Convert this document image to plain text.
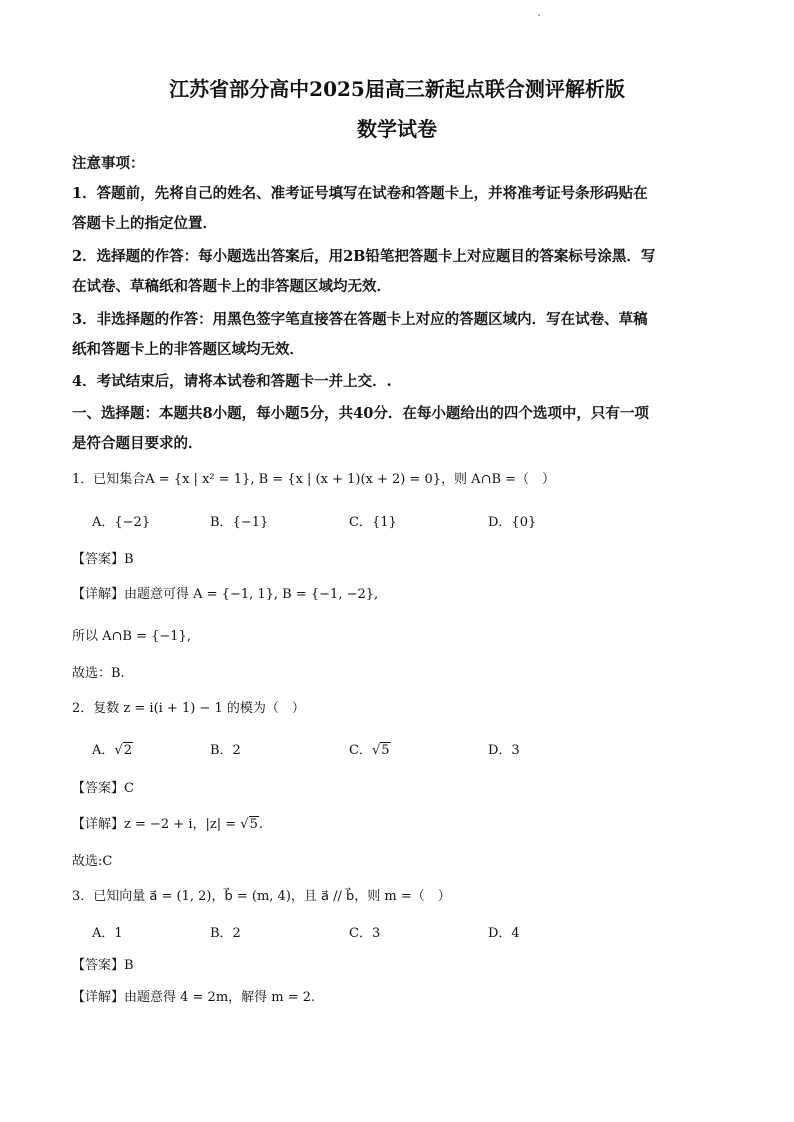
江苏省部分高中2025届高三新起点联合测评解析版
数学试卷
注意事项：
1．答题前，先将自己的姓名、准考证号填写在试卷和答题卡上，并将准考证号条形码贴在
答题卡上的指定位置．
2．选择题的作答：每小题选出答案后，用2B铅笔把答题卡上对应题目的答案标号涂黑．写
在试卷、草稿纸和答题卡上的非答题区域均无效．
3．非选择题的作答：用黑色签字笔直接答在答题卡上对应的答题区域内．写在试卷、草稿
纸和答题卡上的非答题区域均无效．
4．考试结束后，请将本试卷和答题卡一并上交．.
一、选择题：本题共8小题，每小题5分，共40分．在每小题给出的四个选项中，只有一项
是符合题目要求的．
1．已知集合A = {x | x² = 1}, B = {x | (x + 1)(x + 2) = 0}，则 A∩B =（　）
A．{−2}	B．{−1}	C．{1}	D．{0}
【答案】B
【详解】由题意可得 A = {−1, 1}, B = {−1, −2},
所以 A∩B = {−1},
故选：B.
2．复数 z = i(i + 1) − 1 的模为（　）
A．√2	B．2	C．√5	D．3
【答案】C
【详解】z = −2 + i，|z| = √5.
故选:C
3．已知向量 a⃗ = (1, 2)，b⃗ = (m, 4)，且 a⃗ // b⃗，则 m =（　）
A．1	B．2	C．3	D．4
【答案】B
【详解】由题意得 4 = 2m，解得 m = 2.
